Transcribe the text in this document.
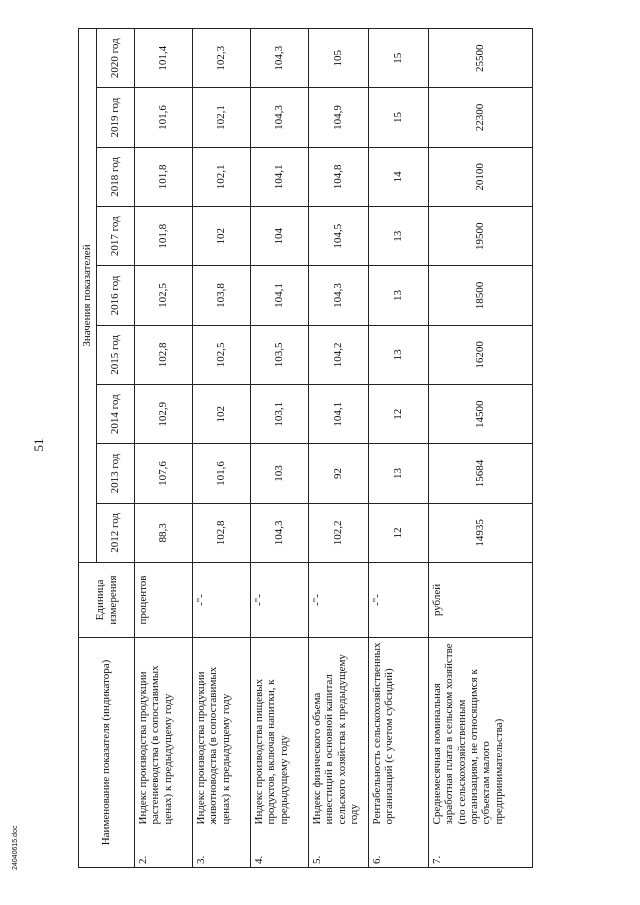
51
24040615.doc
Наименование показателя (индикатора)		Единица измерения	Значения показателей								
			2012 год	2013 год	2014 год	2015 год	2016 год	2017 год	2018 год	2019 год	2020 год
2.	Индекс производства продукции растениеводства (в сопоставимых ценах) к предыдущему году	процентов	88,3	107,6	102,9	102,8	102,5	101,8	101,8	101,6	101,4
3.	Индекс производства продукции животноводства (в сопоставимых ценах) к предыдущему году	-"-	102,8	101,6	102	102,5	103,8	102	102,1	102,1	102,3
4.	Индекс производства пищевых продуктов, включая напитки, к предыдущему году	-"-	104,3	103	103,1	103,5	104,1	104	104,1	104,3	104,3
5.	Индекс физического объема инвестиций в основной капитал сельского хозяйства к предыдущему году	-"-	102,2	92	104,1	104,2	104,3	104,5	104,8	104,9	105
6.	Рентабельность сельскохозяйственных организаций (с учетом субсидий)	-"-	12	13	12	13	13	13	14	15	15
7.	Среднемесячная номинальная заработная плата в сельском хозяйстве (по сельскохозяйственным организациям, не относящимся к субъектам малого предпринимательства)	рублей	14935	15684	14500	16200	18500	19500	20100	22300	25500
